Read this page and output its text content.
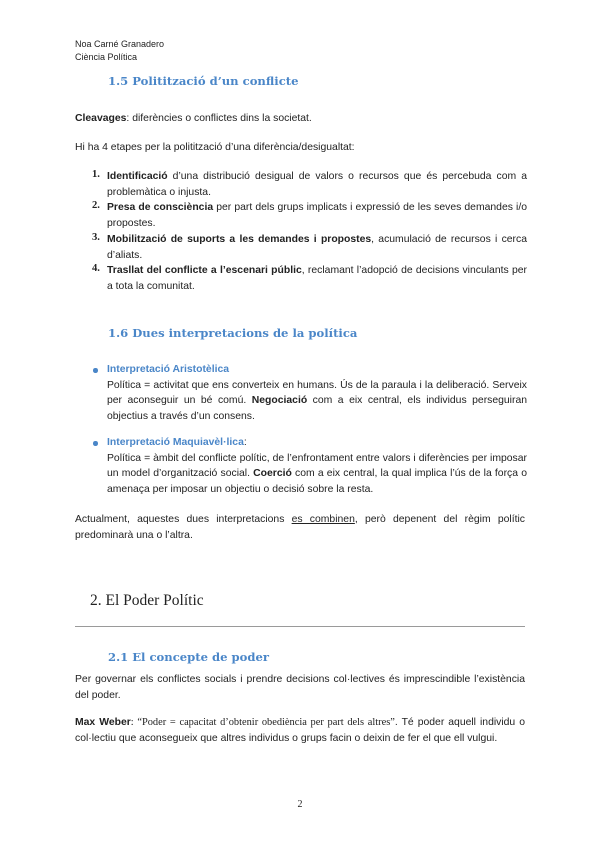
Noa Carné Granadero
Ciència Política
1.5 Politització d’un conflicte
Cleavages: diferències o conflictes dins la societat.
Hi ha 4 etapes per la politització d’una diferència/desigualtat:
1. Identificació d’una distribució desigual de valors o recursos que és percebuda com a problemàtica o injusta.
2. Presa de consciència per part dels grups implicats i expressió de les seves demandes i/o propostes.
3. Mobilització de suports a les demandes i propostes, acumulació de recursos i cerca d’aliats.
4. Trasllat del conflicte a l’escenari públic, reclamant l’adopció de decisions vinculants per a tota la comunitat.
1.6 Dues interpretacions de la política
Interpretació Aristotèlica
Política = activitat que ens converteix en humans. Ús de la paraula i la deliberació. Serveix per aconseguir un bé comú. Negociació com a eix central, els individus perseguiran objectius a través d’un consens.
Interpretació Maquiavèl·lica:
Política = àmbit del conflicte polític, de l’enfrontament entre valors i diferències per imposar un model d’organització social. Coerció com a eix central, la qual implica l’ús de la força o amenaça per imposar un objectiu o decisió sobre la resta.
Actualment, aquestes dues interpretacions es combinen, però depenent del règim polític predominarà una o l’altra.
2. El Poder Polític
2.1 El concepte de poder
Per governar els conflictes socials i prendre decisions col·lectives és imprescindible l’existència del poder.
Max Weber: “Poder = capacitat d’obtenir obediència per part dels altres”. Té poder aquell individu o col·lectiu que aconsegueix que altres individus o grups facin o deixin de fer el que ell vulgui.
2
